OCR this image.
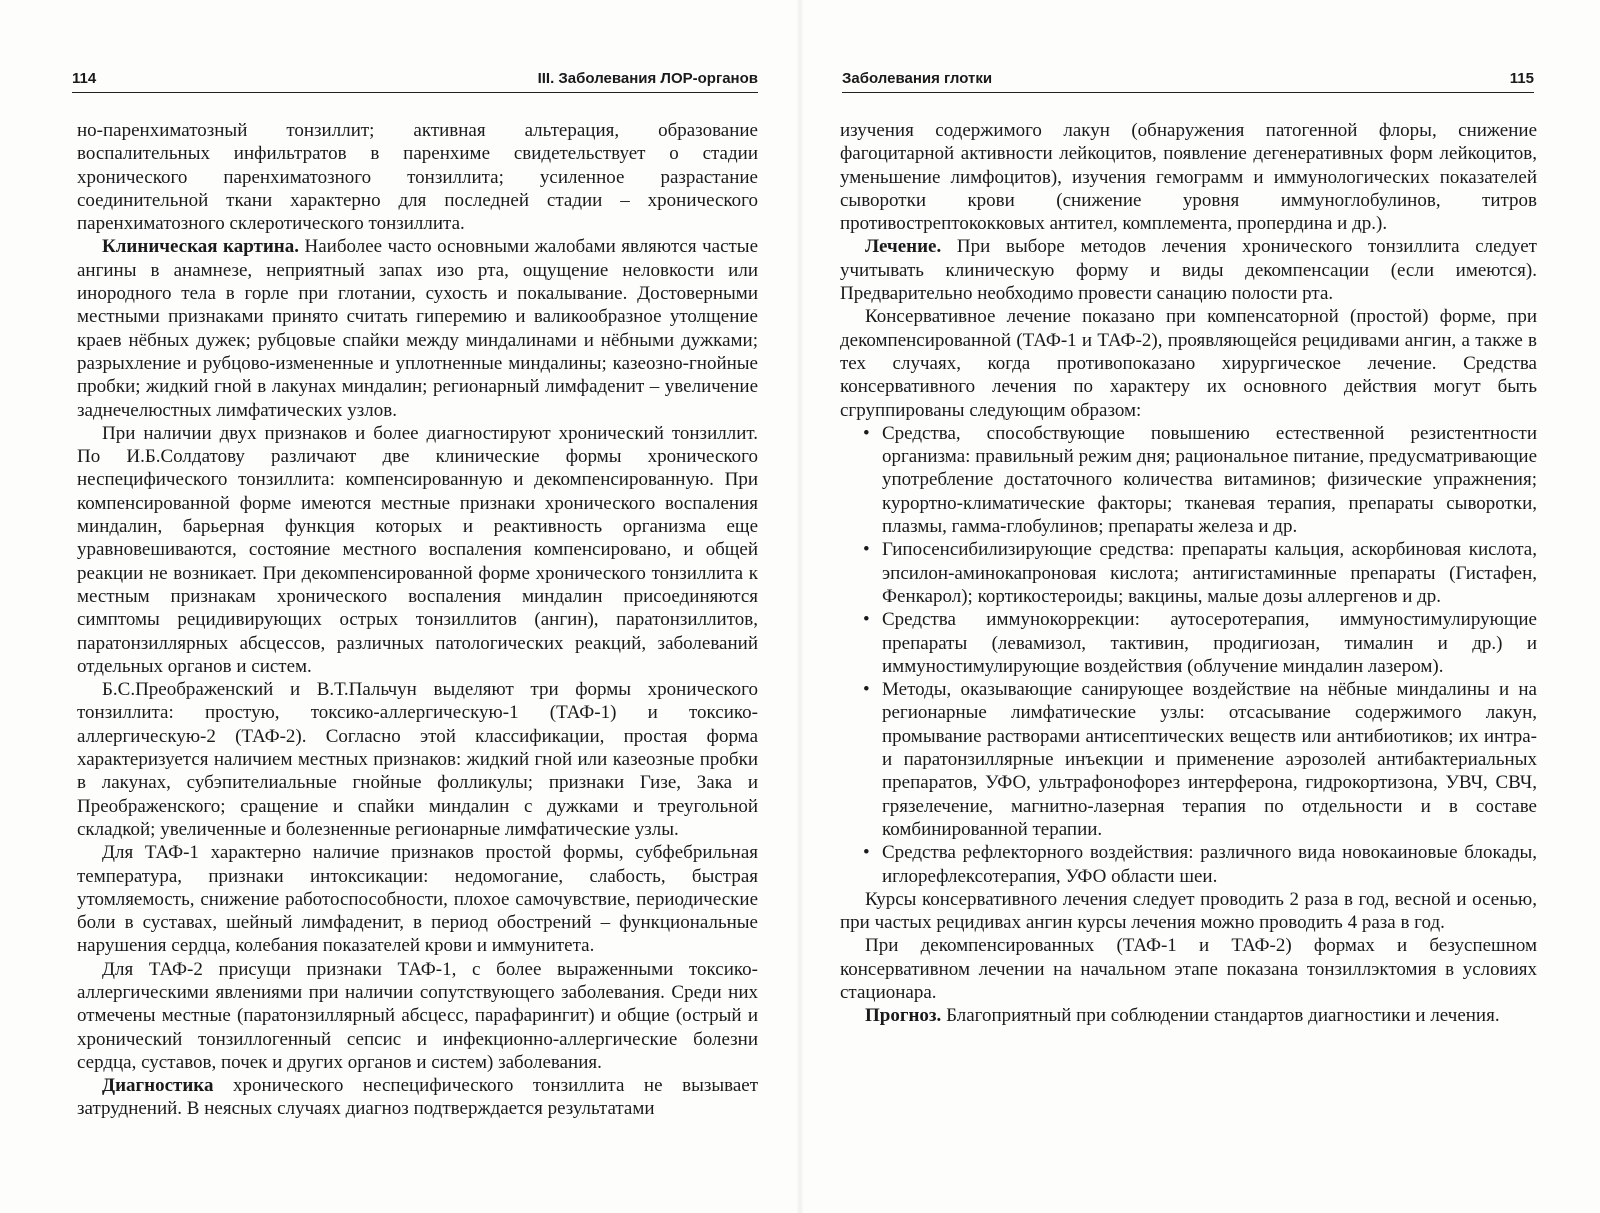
114	III. Заболевания ЛОР-органов

но-паренхиматозный тонзиллит; активная альтерация, образование воспалительных инфильтратов в паренхиме свидетельствует о стадии хронического паренхиматозного тонзиллита; усиленное разрастание соединительной ткани характерно для последней стадии – хронического паренхиматозного склеротического тонзиллита.

Клиническая картина. Наиболее часто основными жалобами являются частые ангины в анамнезе, неприятный запах изо рта, ощущение неловкости или инородного тела в горле при глотании, сухость и покалывание. Достоверными местными признаками принято считать гиперемию и валикообразное утолщение краев нёбных дужек; рубцовые спайки между миндалинами и нёбными дужками; разрыхление и рубцово-измененные и уплотненные миндалины; казеозно-гнойные пробки; жидкий гной в лакунах миндалин; регионарный лимфаденит – увеличение заднечелюстных лимфатических узлов.

При наличии двух признаков и более диагностируют хронический тонзиллит. По И.Б.Солдатову различают две клинические формы хронического неспецифического тонзиллита: компенсированную и декомпенсированную. При компенсированной форме имеются местные признаки хронического воспаления миндалин, барьерная функция которых и реактивность организма еще уравновешиваются, состояние местного воспаления компенсировано, и общей реакции не возникает. При декомпенсированной форме хронического тонзиллита к местным признакам хронического воспаления миндалин присоединяются симптомы рецидивирующих острых тонзиллитов (ангин), паратонзиллитов, паратонзиллярных абсцессов, различных патологических реакций, заболеваний отдельных органов и систем.

Б.С.Преображенский и В.Т.Пальчун выделяют три формы хронического тонзиллита: простую, токсико-аллергическую-1 (ТАФ-1) и токсико-аллергическую-2 (ТАФ-2). Согласно этой классификации, простая форма характеризуется наличием местных признаков: жидкий гной или казеозные пробки в лакунах, субэпителиальные гнойные фолликулы; признаки Гизе, Зака и Преображенского; сращение и спайки миндалин с дужками и треугольной складкой; увеличенные и болезненные регионарные лимфатические узлы.

Для ТАФ-1 характерно наличие признаков простой формы, субфебрильная температура, признаки интоксикации: недомогание, слабость, быстрая утомляемость, снижение работоспособности, плохое самочувствие, периодические боли в суставах, шейный лимфаденит, в период обострений – функциональные нарушения сердца, колебания показателей крови и иммунитета.

Для ТАФ-2 присущи признаки ТАФ-1, с более выраженными токсико-аллергическими явлениями при наличии сопутствующего заболевания. Среди них отмечены местные (паратонзиллярный абсцесс, парафарингит) и общие (острый и хронический тонзиллогенный сепсис и инфекционно-аллергические болезни сердца, суставов, почек и других органов и систем) заболевания.

Диагностика хронического неспецифического тонзиллита не вызывает затруднений. В неясных случаях диагноз подтверждается результатами

Заболевания глотки	115

изучения содержимого лакун (обнаружения патогенной флоры, снижение фагоцитарной активности лейкоцитов, появление дегенеративных форм лейкоцитов, уменьшение лимфоцитов), изучения гемограмм и иммунологических показателей сыворотки крови (снижение уровня иммуноглобулинов, титров противострептококковых антител, комплемента, пропердина и др.).

Лечение. При выборе методов лечения хронического тонзиллита следует учитывать клиническую форму и виды декомпенсации (если имеются). Предварительно необходимо провести санацию полости рта.

Консервативное лечение показано при компенсаторной (простой) форме, при декомпенсированной (ТАФ-1 и ТАФ-2), проявляющейся рецидивами ангин, а также в тех случаях, когда противопоказано хирургическое лечение. Средства консервативного лечения по характеру их основного действия могут быть сгруппированы следующим образом:

• Средства, способствующие повышению естественной резистентности организма: правильный режим дня; рациональное питание, предусматривающие употребление достаточного количества витаминов; физические упражнения; курортно-климатические факторы; тканевая терапия, препараты сыворотки, плазмы, гамма-глобулинов; препараты железа и др.
• Гипосенсибилизирующие средства: препараты кальция, аскорбиновая кислота, эпсилон-аминокапроновая кислота; антигистаминные препараты (Гистафен, Фенкарол); кортикостероиды; вакцины, малые дозы аллергенов и др.
• Средства иммунокоррекции: аутосеротерапия, иммуностимулирующие препараты (левамизол, тактивин, продигиозан, тималин и др.) и иммуностимулирующие воздействия (облучение миндалин лазером).
• Методы, оказывающие санирующее воздействие на нёбные миндалины и на регионарные лимфатические узлы: отсасывание содержимого лакун, промывание растворами антисептических веществ или антибиотиков; их интра- и паратонзиллярные инъекции и применение аэрозолей антибактериальных препаратов, УФО, ультрафонофорез интерферона, гидрокортизона, УВЧ, СВЧ, грязелечение, магнитно-лазерная терапия по отдельности и в составе комбинированной терапии.
• Средства рефлекторного воздействия: различного вида новокаиновые блокады, иглорефлексотерапия, УФО области шеи.

Курсы консервативного лечения следует проводить 2 раза в год, весной и осенью, при частых рецидивах ангин курсы лечения можно проводить 4 раза в год.

При декомпенсированных (ТАФ-1 и ТАФ-2) формах и безуспешном консервативном лечении на начальном этапе показана тонзиллэктомия в условиях стационара.

Прогноз. Благоприятный при соблюдении стандартов диагностики и лечения.
